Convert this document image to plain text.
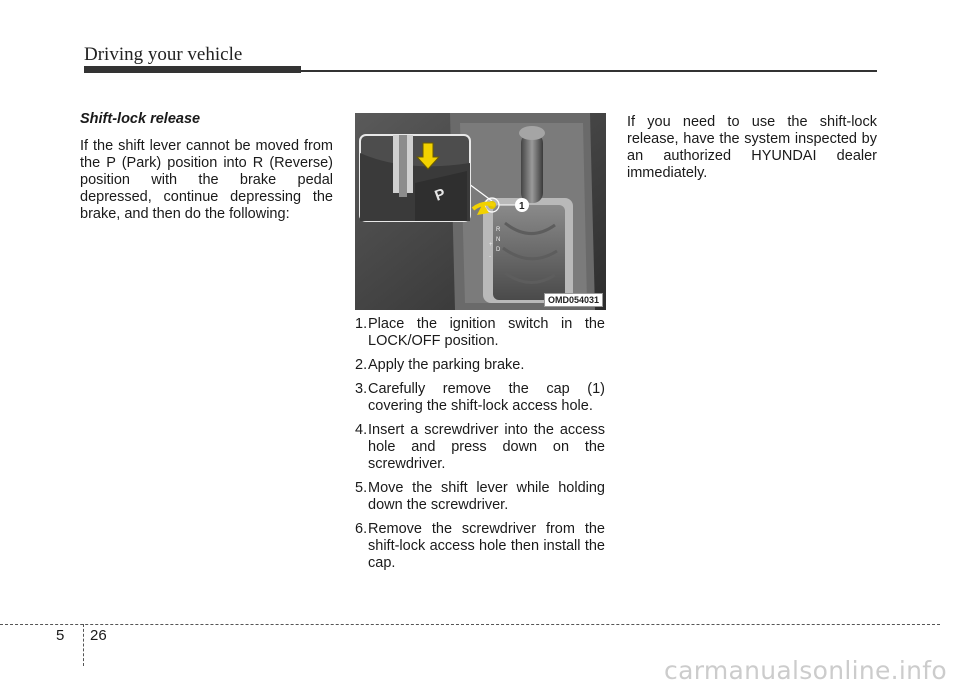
Driving your vehicle

Shift-lock release

If the shift lever cannot be moved from the P (Park) position into R (Reverse) position with the brake pedal depressed, continue depressing the brake, and then do the following:

R
N
D
+
-
1
P
OMD054031
1. Place the ignition switch in the LOCK/OFF position.
2. Apply the parking brake.
3. Carefully remove the cap (1) covering the shift-lock access hole.
4. Insert a screwdriver into the access hole and press down on the screwdriver.
5. Move the shift lever while holding down the screwdriver.
6. Remove the screwdriver from the shift-lock access hole then install the cap.

If you need to use the shift-lock release, have the system inspected by an authorized HYUNDAI dealer immediately.

5 26
carmanualsonline.info
